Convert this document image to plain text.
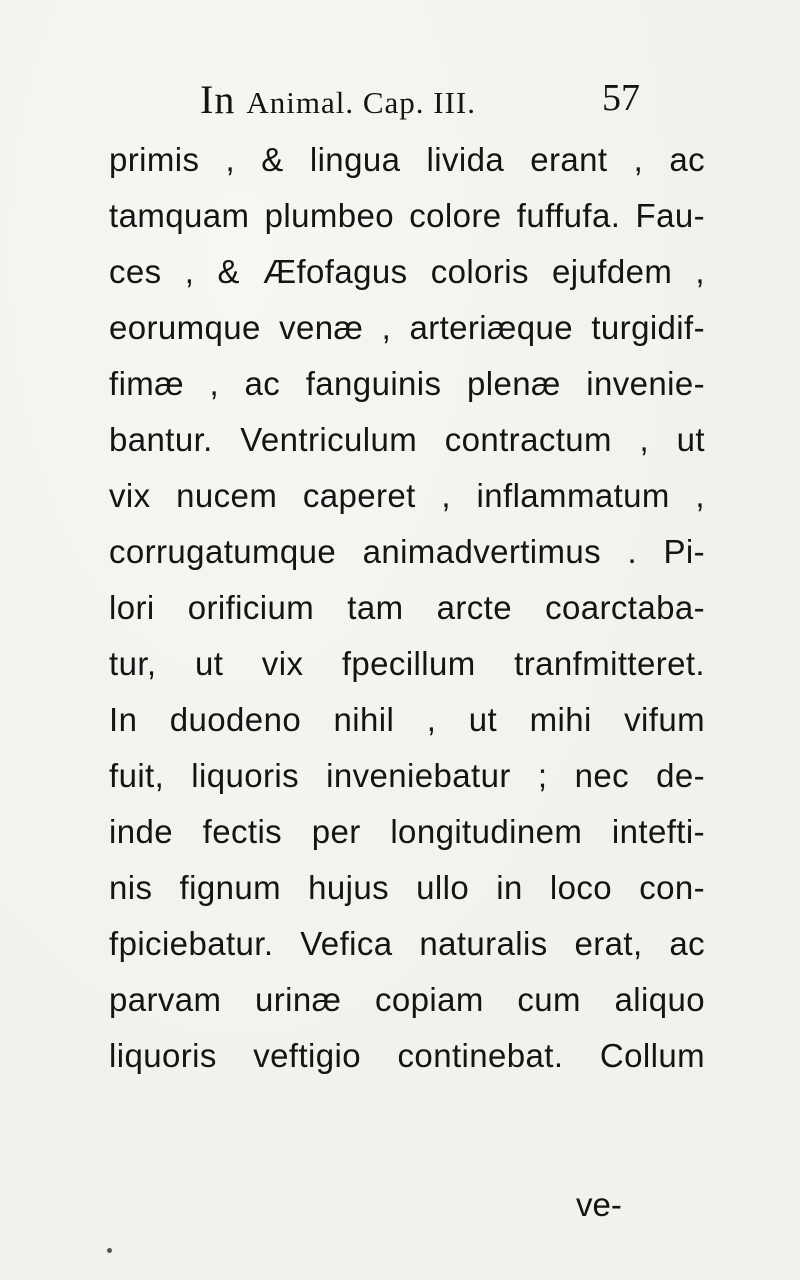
In Animal. Cap. III.	57
primis , & lingua livida erant , ac
tamquam plumbeo colore fuffufa. Fau-
ces , & Æfofagus coloris ejufdem ,
eorumque venæ , arteriæque turgidif-
fimæ , ac fanguinis plenæ invenie-
bantur. Ventriculum contractum , ut
vix nucem caperet , inflammatum ,
corrugatumque animadvertimus . Pi-
lori orificium tam arcte coarctaba-
tur, ut vix fpecillum tranfmitteret.
In duodeno nihil , ut mihi vifum
fuit, liquoris inveniebatur ; nec de-
inde fectis per longitudinem intefti-
nis fignum hujus ullo in loco con-
fpiciebatur. Vefica naturalis erat, ac
parvam urinæ copiam cum aliquo
liquoris veftigio continebat. Collum
ve-
